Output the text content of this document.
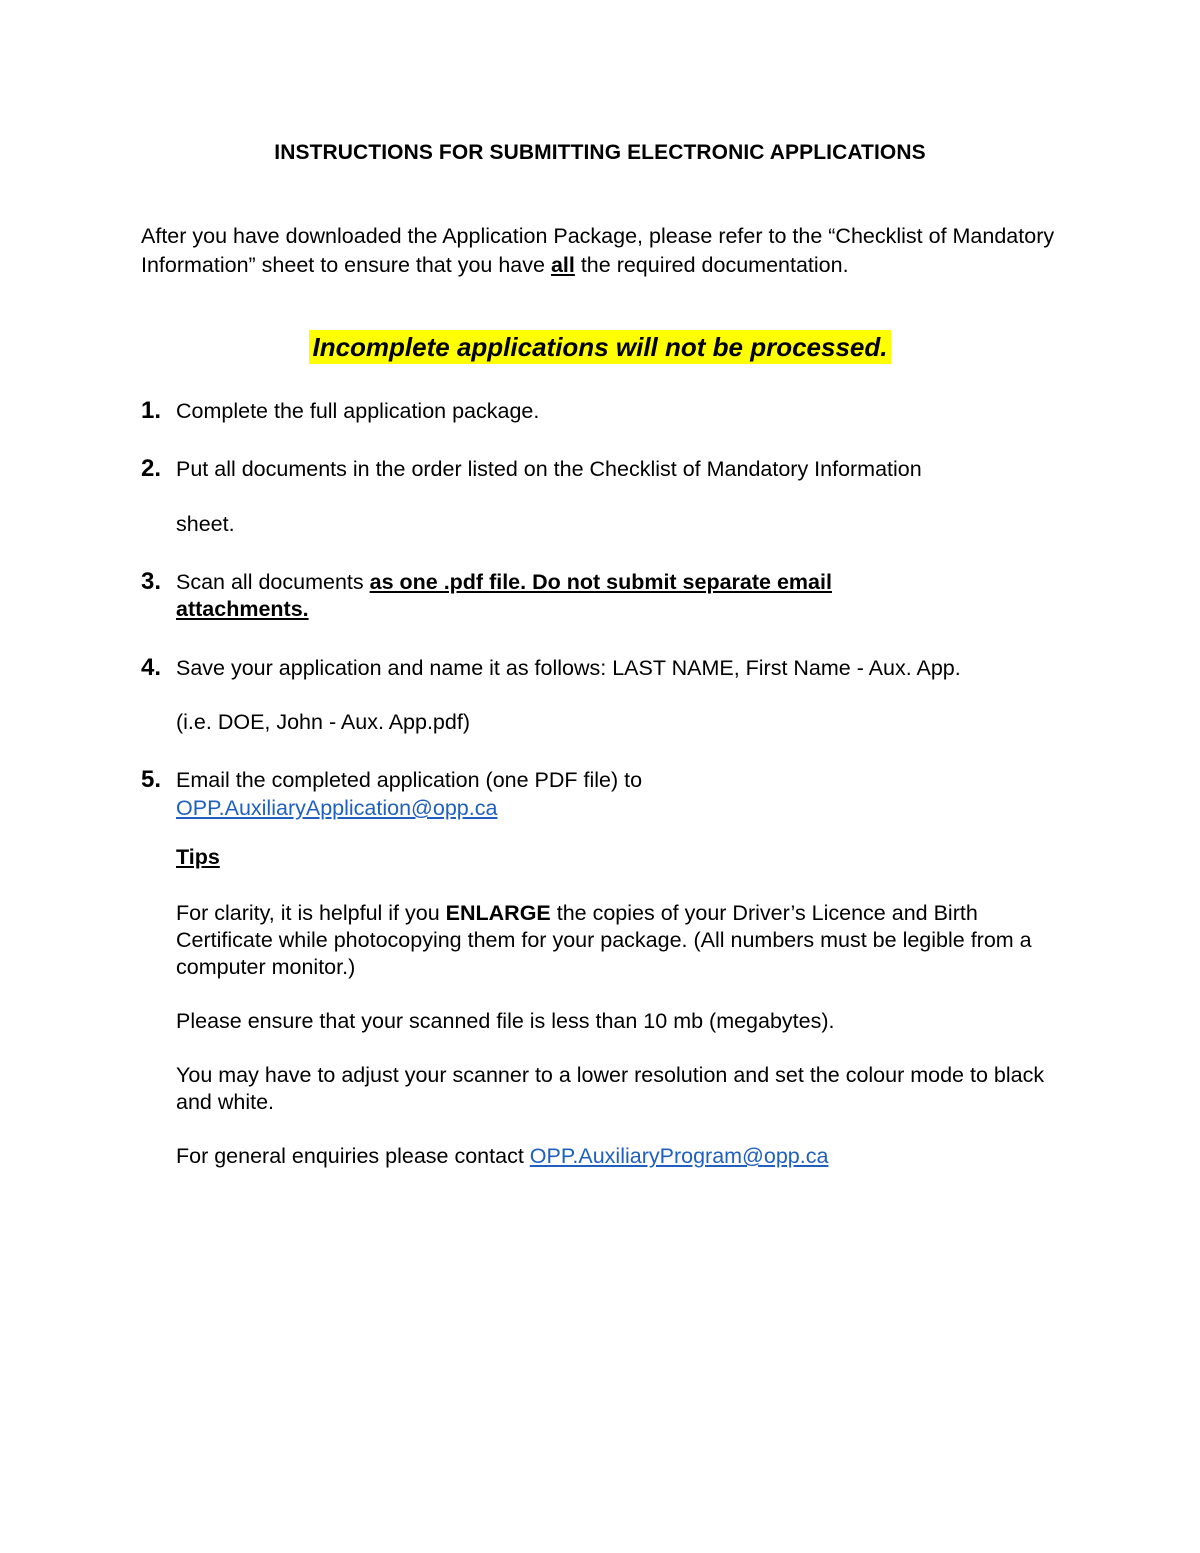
INSTRUCTIONS FOR SUBMITTING ELECTRONIC APPLICATIONS
After you have downloaded the Application Package, please refer to the “Checklist of Mandatory Information” sheet to ensure that you have all the required documentation.
Incomplete applications will not be processed.
1. Complete the full application package.
2. Put all documents in the order listed on the Checklist of Mandatory Information
sheet.
3. Scan all documents as one .pdf file. Do not submit separate email
attachments.
4. Save your application and name it as follows: LAST NAME, First Name - Aux. App.
(i.e. DOE, John - Aux. App.pdf)
5. Email the completed application (one PDF file) to
OPP.AuxiliaryApplication@opp.ca
Tips
For clarity, it is helpful if you ENLARGE the copies of your Driver’s Licence and Birth Certificate while photocopying them for your package. (All numbers must be legible from a computer monitor.)
Please ensure that your scanned file is less than 10 mb (megabytes).
You may have to adjust your scanner to a lower resolution and set the colour mode to black and white.
For general enquiries please contact OPP.AuxiliaryProgram@opp.ca
